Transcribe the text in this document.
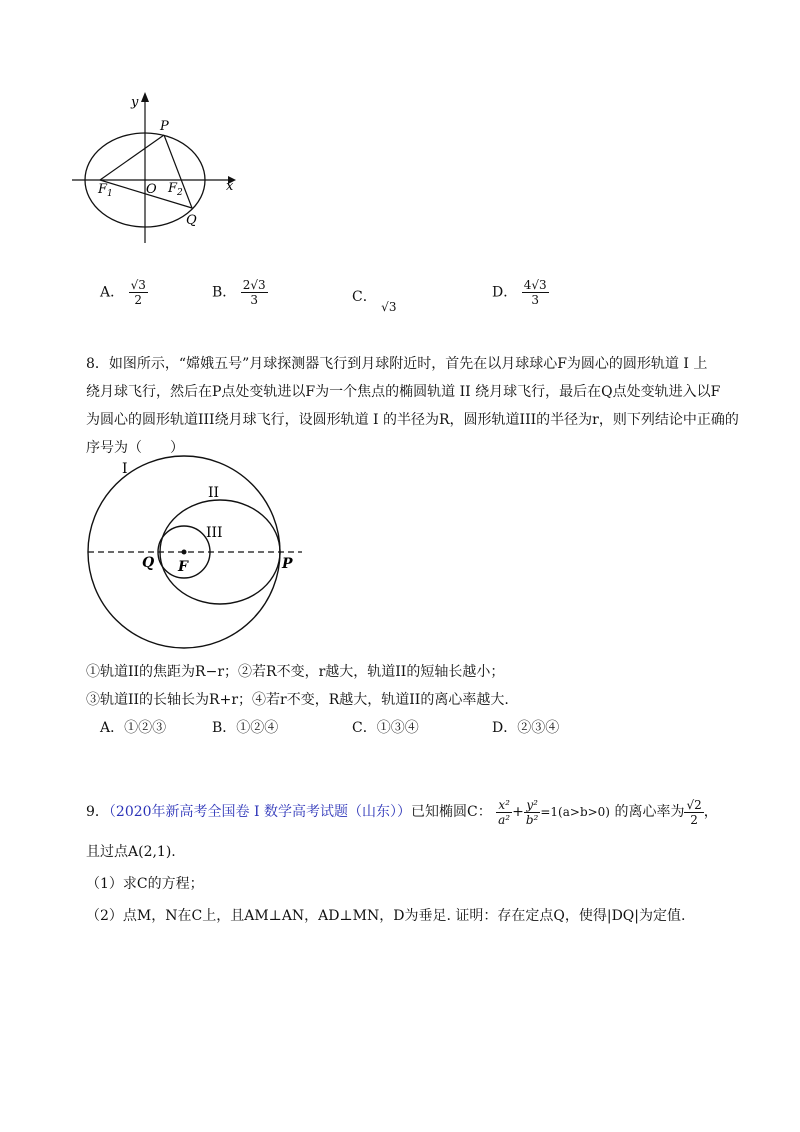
y
x
P
Q
O
$F_1$	$F_2$
A． $\frac{√3}{2}$	B． $\frac{2√3}{3}$	C． √3
D． $\frac{4√3}{3}$
8．如图所示，“嫦娥五号”月球探测器飞行到月球附近时，首先在以月球球心F为圆心的圆形轨道 I 上
绕月球飞行，然后在P点处变轨进以F为一个焦点的椭圆轨道 II 绕月球飞行，最后在Q点处变轨进入以F
为圆心的圆形轨道III绕月球飞行，设圆形轨道 I 的半径为R，圆形轨道III的半径为r，则下列结论中正确的
序号为（　　）
I
II
III
Q F	P
①轨道II的焦距为R−r；②若R不变，r越大，轨道II的短轴长越小；
③轨道II的长轴长为R+r；④若r不变，R越大，轨道II的离心率越大.
A．①②③	B．①②④	C．①③④	D．②③④
9．（2020年新高考全国卷 I 数学高考试题（山东））已知椭圆C： $\frac{\text{x²}}{\text{a²}} + \frac{\text{y²}}{\text{b²}} =1(a>b>0)$ 的离心率为 $\frac{√2}{2}$ ，
且过点A(2,1).
（1）求C的方程；
（2）点M，N在C上，且AM⊥AN，AD⊥MN，D为垂足. 证明：存在定点Q，使得|DQ|为定值.
